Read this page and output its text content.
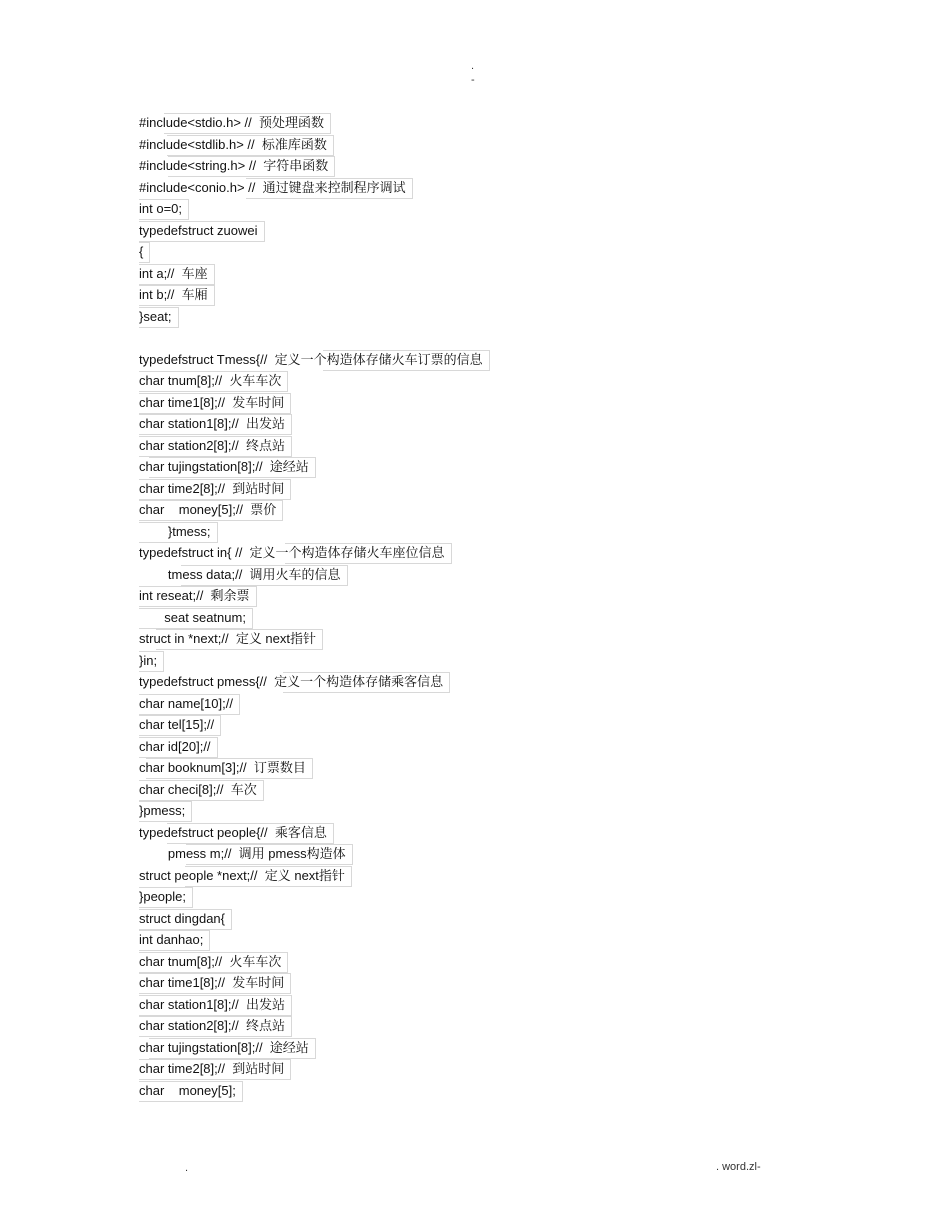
.
-
#include<stdio.h> //  预处理函数
#include<stdlib.h> //  标准库函数
#include<string.h> //  字符串函数
#include<conio.h> //  通过键盘来控制程序调试
int o=0;
typedefstruct zuowei
{
int a;//  车座
int b;//  车厢
}seat;
typedefstruct Tmess{//  定义一个构造体存储火车订票的信息
char tnum[8];//  火车车次
char time1[8];//  发车时间
char station1[8];//  出发站
char station2[8];//  终点站
char tujingstation[8];//  途经站
char time2[8];//  到站时间
char    money[5];//  票价
}tmess;
typedefstruct in{ //  定义一个构造体存储火车座位信息
tmess data;//  调用火车的信息
int reseat;//  剩余票
seat seatnum;
struct in *next;//  定义 next指针
}in;
typedefstruct pmess{//  定义一个构造体存储乘客信息
char name[10];//
char tel[15];//
char id[20];//
char booknum[3];//  订票数目
char checi[8];//  车次
}pmess;
typedefstruct people{//  乘客信息
pmess m;//  调用 pmess构造体
struct people *next;//  定义 next指针
}people;
struct dingdan{
int danhao;
char tnum[8];//  火车车次
char time1[8];//  发车时间
char station1[8];//  出发站
char station2[8];//  终点站
char tujingstation[8];//  途经站
char time2[8];//  到站时间
char    money[5];
.	. word.zl-
